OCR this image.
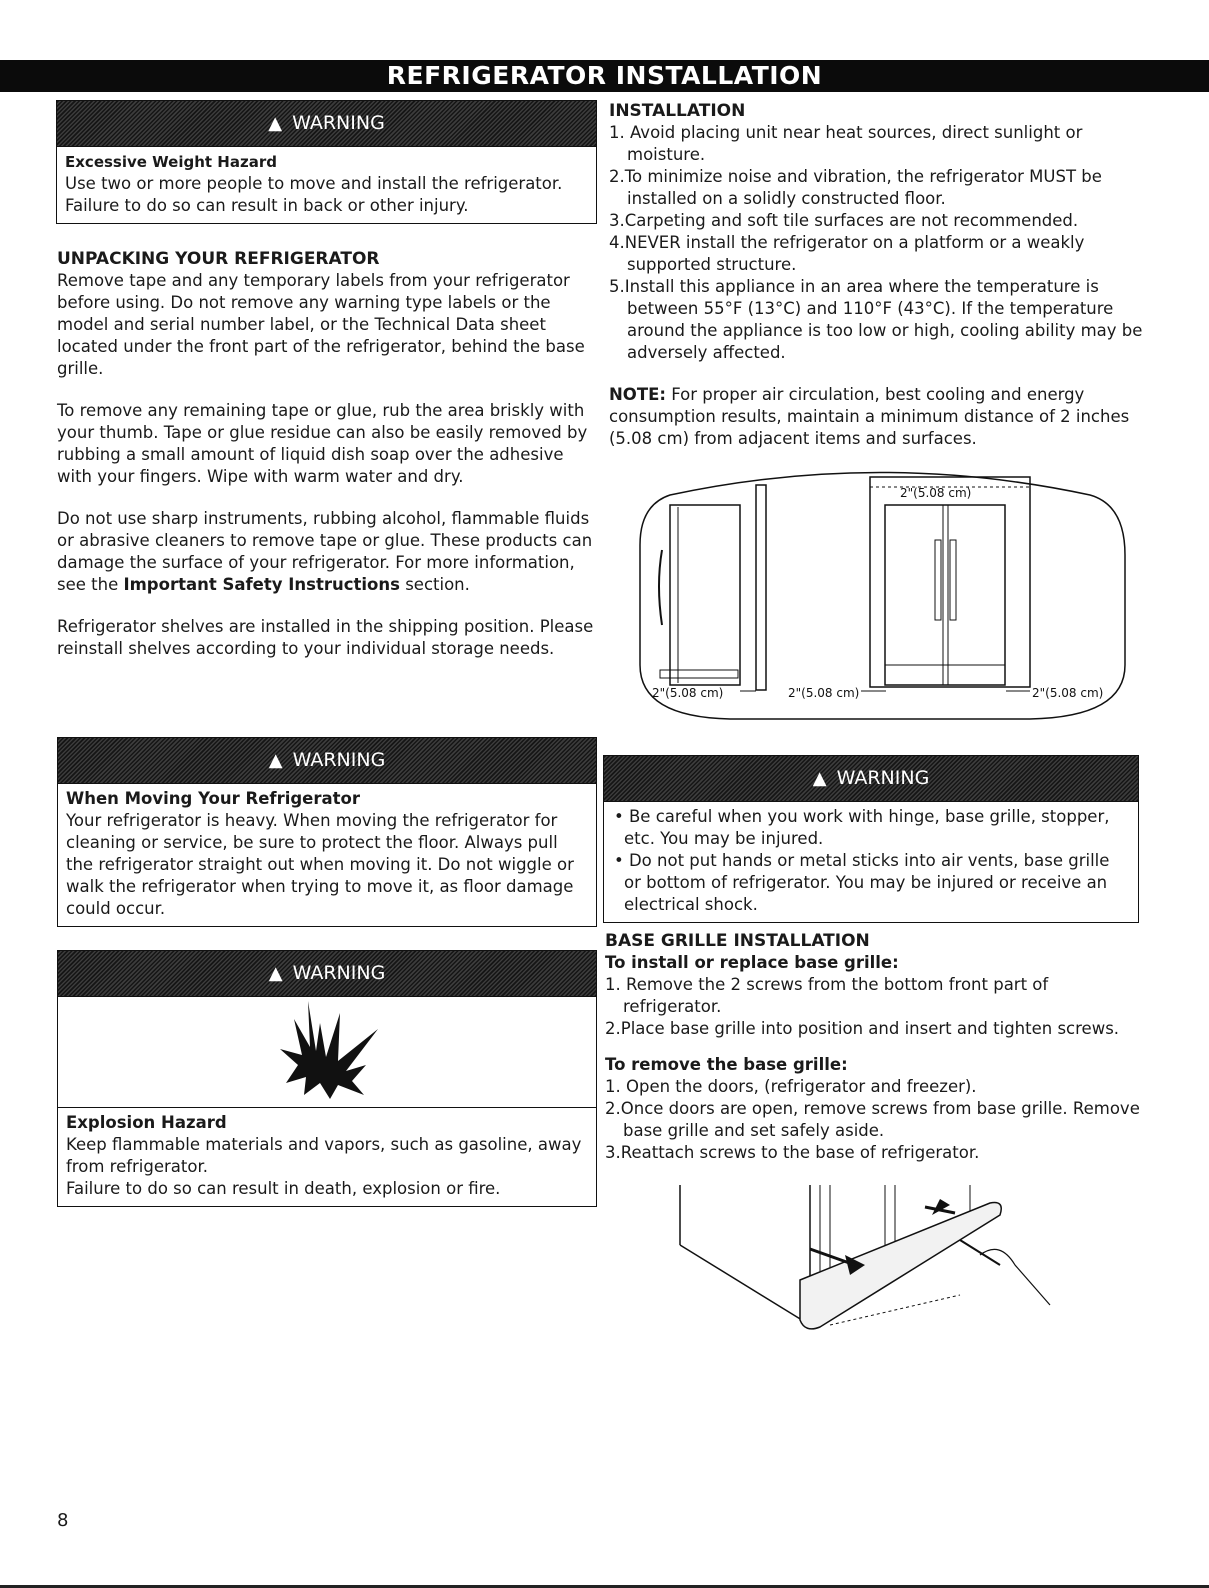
REFRIGERATOR INSTALLATION
▲ WARNING
Excessive Weight Hazard
Use two or more people to move and install the refrigerator.
Failure to do so can result in back or other injury.
UNPACKING YOUR REFRIGERATOR

Remove tape and any temporary labels from your refrigerator before using. Do not remove any warning type labels or the model and serial number label, or the Technical Data sheet located under the front part of the refrigerator, behind the base grille.

To remove any remaining tape or glue, rub the area briskly with your thumb. Tape or glue residue can also be easily removed by rubbing a small amount of liquid dish soap over the adhesive with your fingers. Wipe with warm water and dry.

Do not use sharp instruments, rubbing alcohol, flammable fluids or abrasive cleaners to remove tape or glue. These products can damage the surface of your refrigerator. For more information, see the Important Safety Instructions section.

Refrigerator shelves are installed in the shipping position. Please reinstall shelves according to your individual storage needs.

▲ WARNING
When Moving Your Refrigerator
Your refrigerator is heavy. When moving the refrigerator for cleaning or service, be sure to protect the floor. Always pull the refrigerator straight out when moving it. Do not wiggle or walk the refrigerator when trying to move it, as floor damage could occur.
▲ WARNING
Explosion Hazard
Keep flammable materials and vapors, such as gasoline, away from refrigerator.
Failure to do so can result in death, explosion or fire.
INSTALLATION
1. Avoid placing unit near heat sources, direct sunlight or moisture.
2.To minimize noise and vibration, the refrigerator MUST be installed on a solidly constructed floor.
3.Carpeting and soft tile surfaces are not recommended.
4.NEVER install the refrigerator on a platform or a weakly supported structure.
5.Install this appliance in an area where the temperature is between 55°F (13°C) and 110°F (43°C). If the temperature around the appliance is too low or high, cooling ability may be adversely affected.

NOTE: For proper air circulation, best cooling and energy consumption results, maintain a minimum distance of 2 inches (5.08 cm) from adjacent items and surfaces.

2"(5.08 cm)
2"(5.08 cm)	2"(5.08 cm)	2"(5.08 cm)
▲ WARNING
• Be careful when you work with hinge, base grille, stopper, etc. You may be injured.
• Do not put hands or metal sticks into air vents, base grille or bottom of refrigerator. You may be injured or receive an electrical shock.
BASE GRILLE INSTALLATION
To install or replace base grille:
1. Remove the 2 screws from the bottom front part of refrigerator.
2.Place base grille into position and insert and tighten screws.
To remove the base grille:
1. Open the doors, (refrigerator and freezer).
2.Once doors are open, remove screws from base grille. Remove base grille and set safely aside.
3.Reattach screws to the base of refrigerator.
8
